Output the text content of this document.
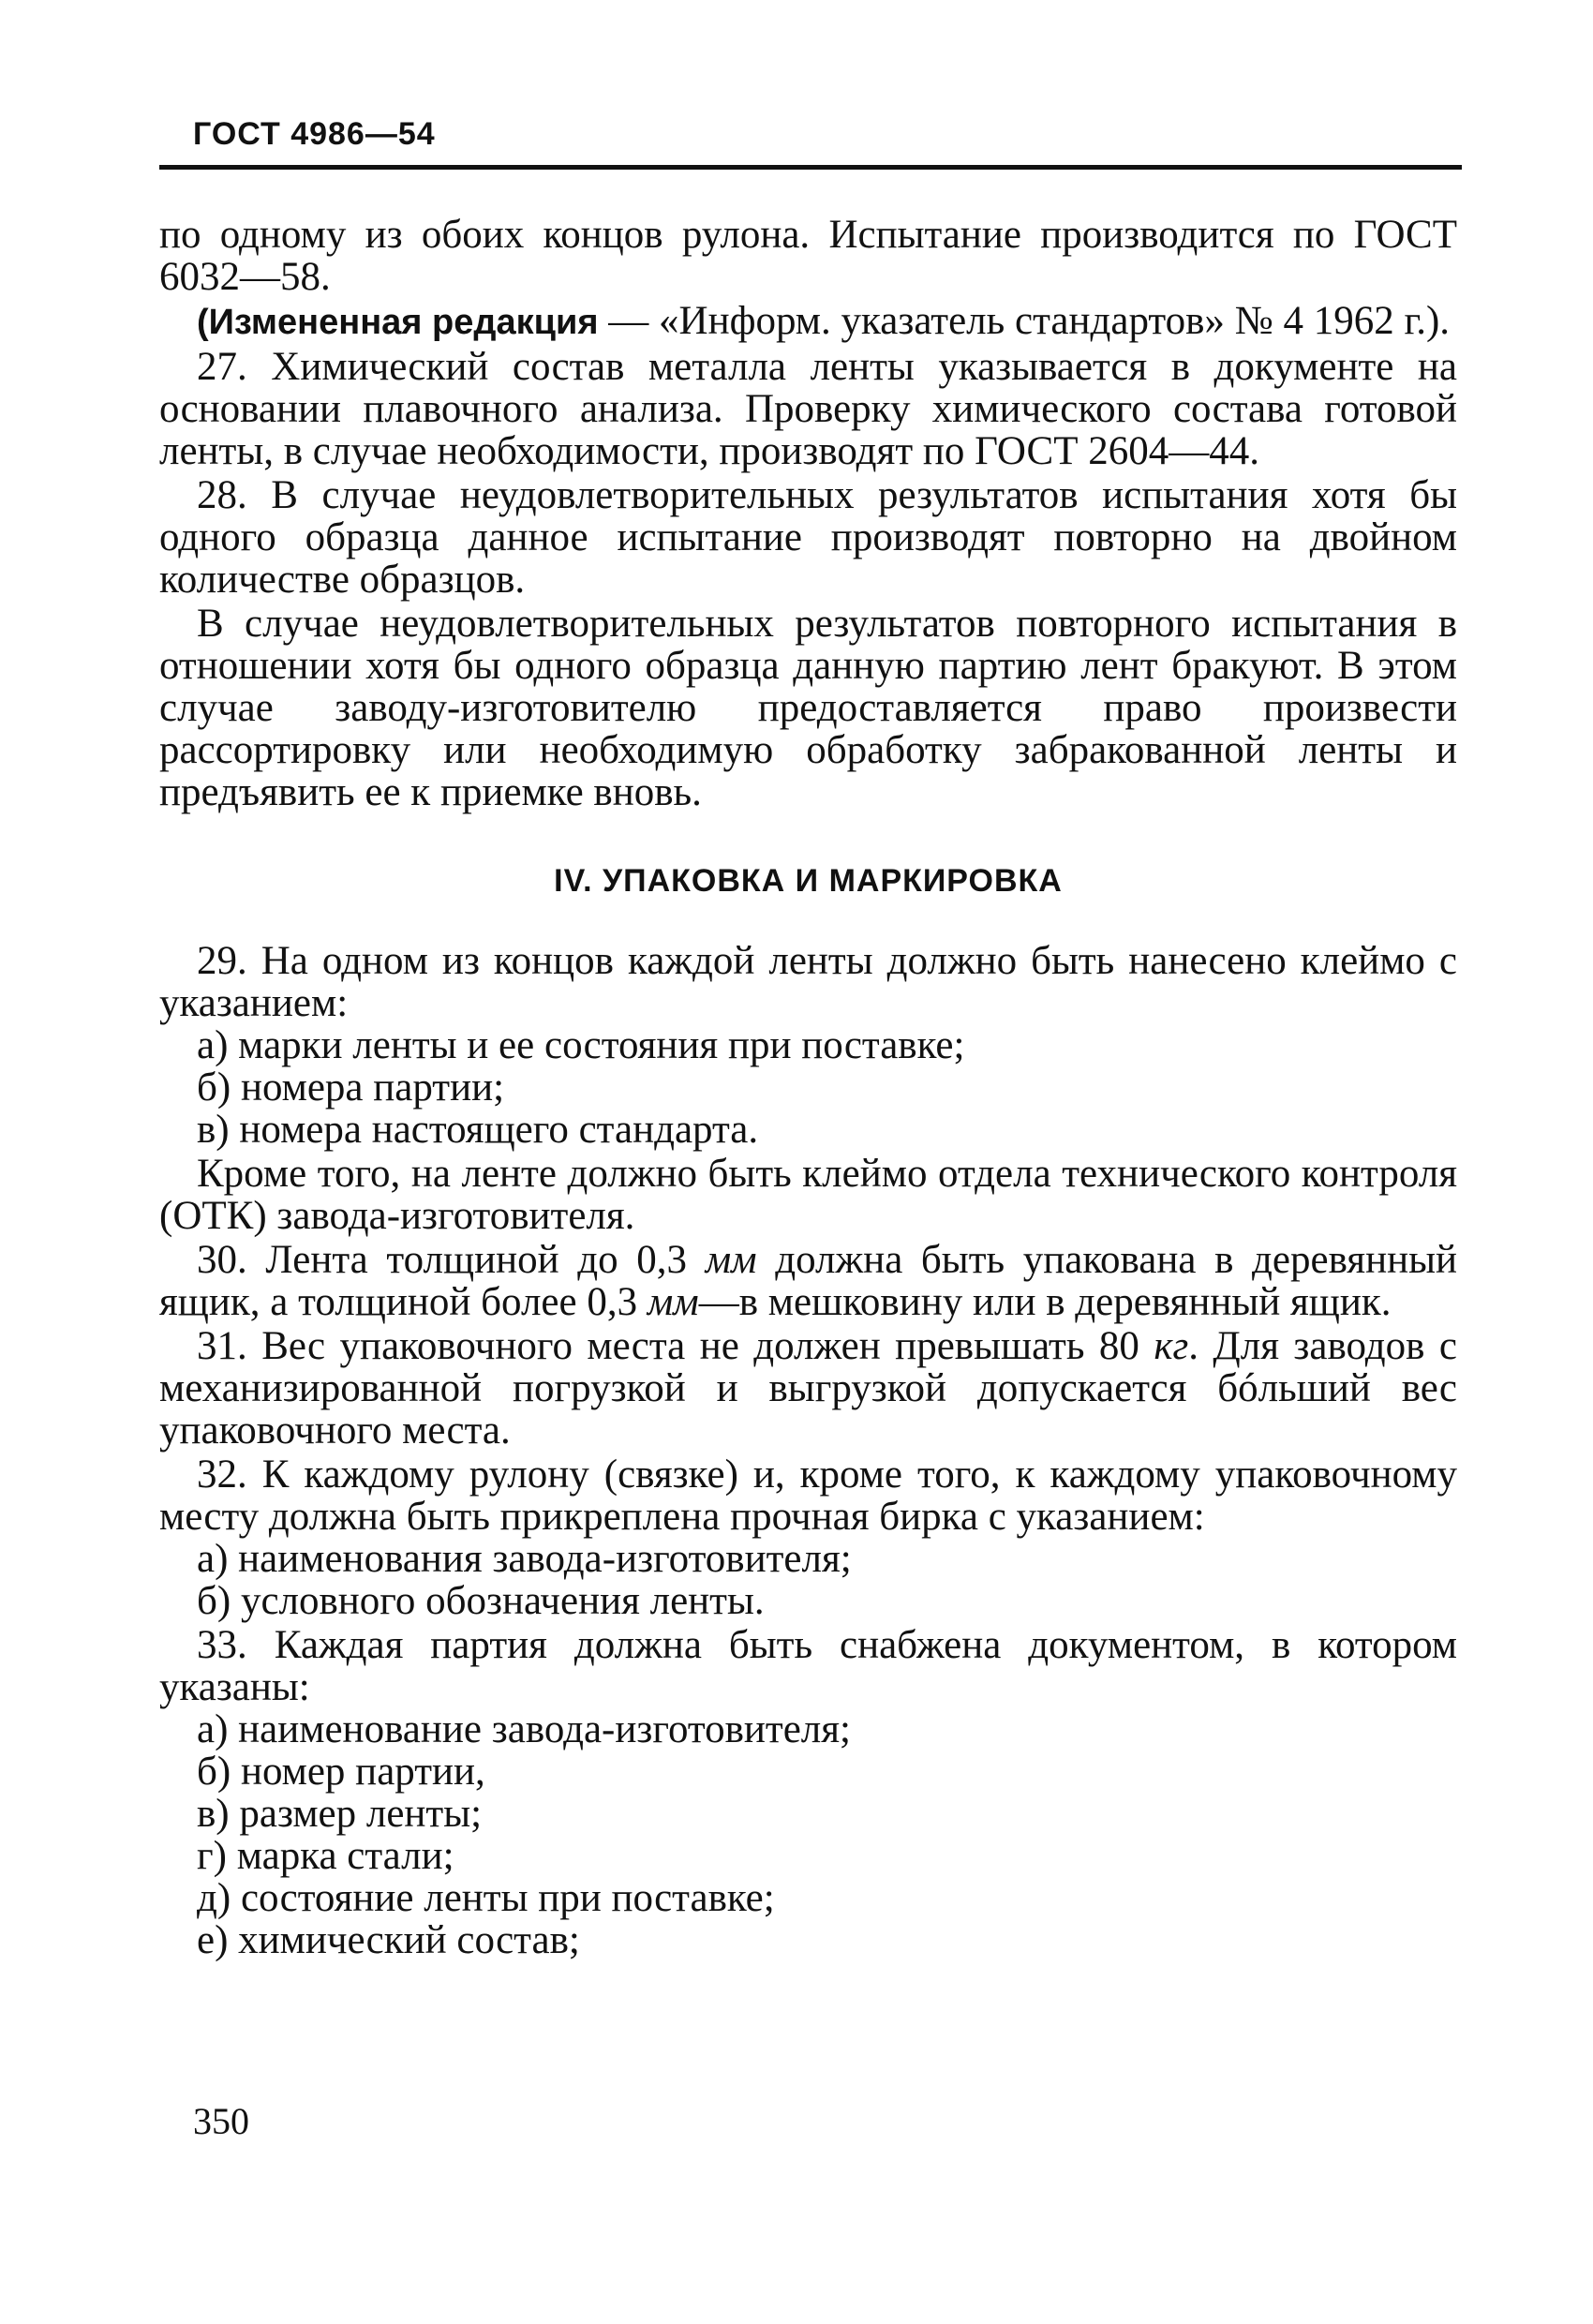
ГОСТ 4986—54

по одному из обоих концов рулона. Испытание производится по ГОСТ 6032—58.

(Измененная редакция — «Информ. указатель стандартов» № 4 1962 г.).

27. Химический состав металла ленты указывается в документе на основании плавочного анализа. Проверку химического состава готовой ленты, в случае необходимости, производят по ГОСТ 2604—44.

28. В случае неудовлетворительных результатов испытания хотя бы одного образца данное испытание производят повторно на двойном количестве образцов.

В случае неудовлетворительных результатов повторного испытания в отношении хотя бы одного образца данную партию лент бракуют. В этом случае заводу-изготовителю предоставляется право произвести рассортировку или необходимую обработку забракованной ленты и предъявить ее к приемке вновь.

IV. УПАКОВКА И МАРКИРОВКА

29. На одном из концов каждой ленты должно быть нанесено клеймо с указанием:

а) марки ленты и ее состояния при поставке;

б) номера партии;

в) номера настоящего стандарта.

Кроме того, на ленте должно быть клеймо отдела технического контроля (ОТК) завода-изготовителя.

30. Лента толщиной до 0,3 мм должна быть упакована в деревянный ящик, а толщиной более 0,3 мм—в мешковину или в деревянный ящик.

31. Вес упаковочного места не должен превышать 80 кг. Для заводов с механизированной погрузкой и выгрузкой допускается бóльший вес упаковочного места.

32. К каждому рулону (связке) и, кроме того, к каждому упаковочному месту должна быть прикреплена прочная бирка с указанием:

а) наименования завода-изготовителя;

б) условного обозначения ленты.

33. Каждая партия должна быть снабжена документом, в котором указаны:

а) наименование завода-изготовителя;

б) номер партии,

в) размер ленты;

г) марка стали;

д) состояние ленты при поставке;

е) химический состав;

350
